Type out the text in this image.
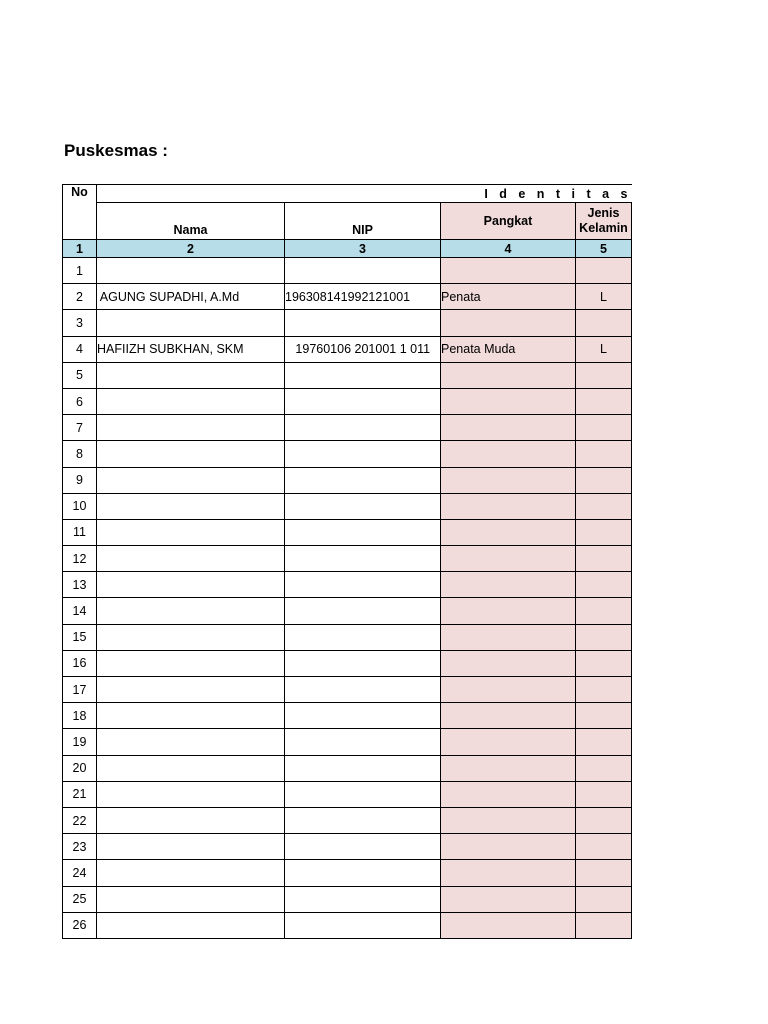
Puskesmas :
No	I d e n t i t a s			
	Nama	NIP	Pangkat	Jenis
Kelamin

1	2	3	4	5
1				
2	AGUNG SUPADHI, A.Md	196308141992121001	Penata	L
3				
4	HAFIIZH SUBKHAN, SKM	19760106 201001 1 011	Penata Muda	L
5				
6				
7				
8				
9				
10				
11				
12				
13				
14				
15				
16				
17				
18				
19				
20				
21				
22				
23				
24				
25				
26				
